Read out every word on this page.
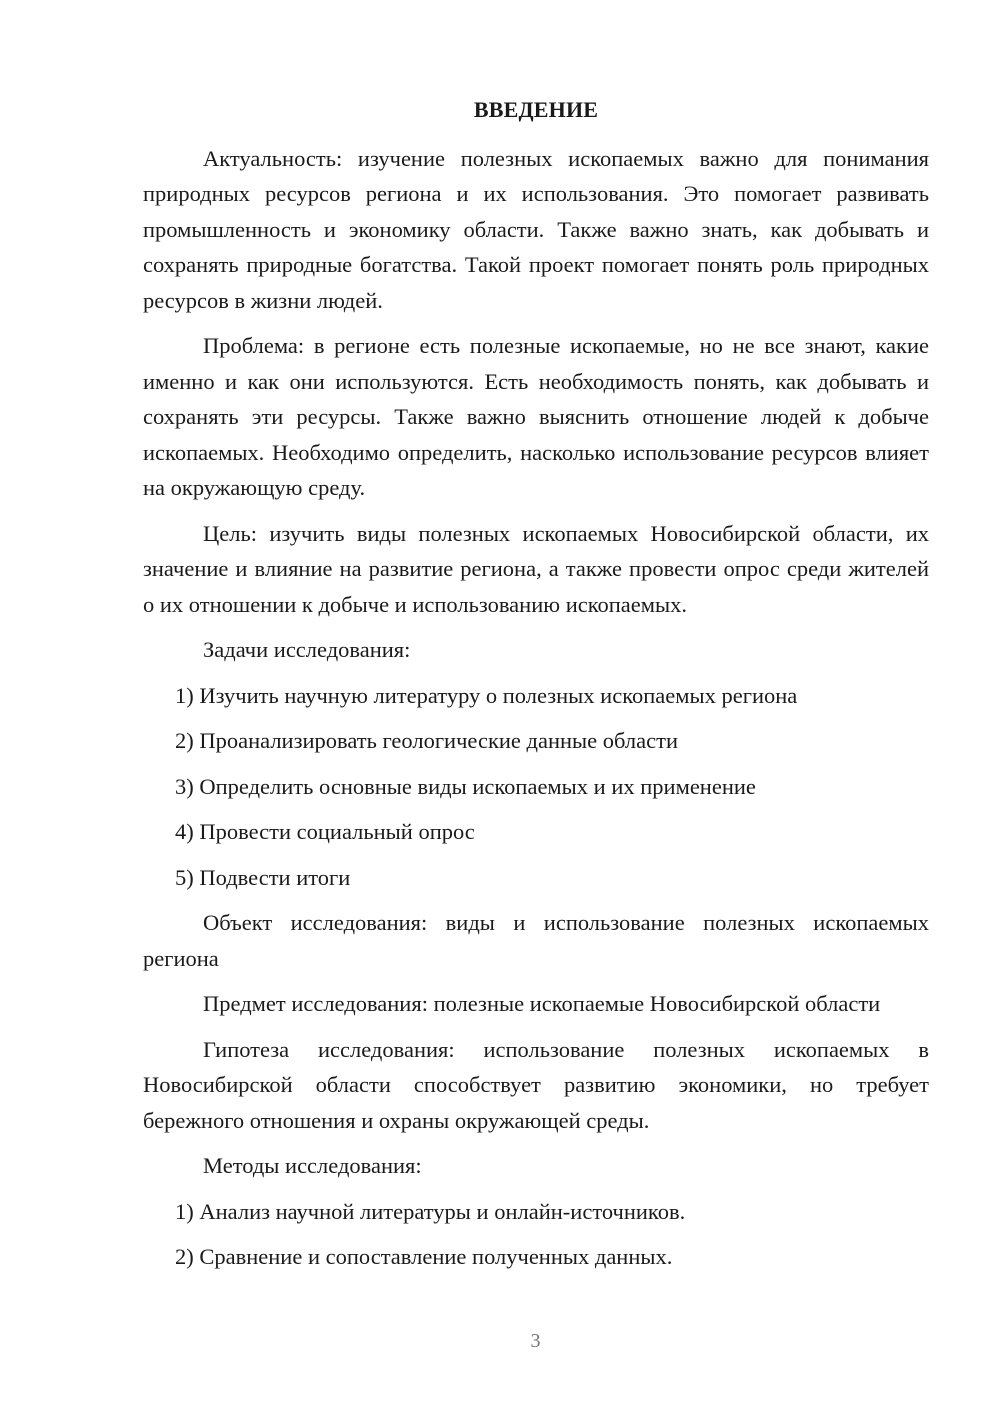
ВВЕДЕНИЕ

Актуальность: изучение полезных ископаемых важно для понимания природных ресурсов региона и их использования. Это помогает развивать промышленность и экономику области. Также важно знать, как добывать и сохранять природные богатства. Такой проект помогает понять роль природных ресурсов в жизни людей.

Проблема: в регионе есть полезные ископаемые, но не все знают, какие именно и как они используются. Есть необходимость понять, как добывать и сохранять эти ресурсы. Также важно выяснить отношение людей к добыче ископаемых. Необходимо определить, насколько использование ресурсов влияет на окружающую среду.

Цель: изучить виды полезных ископаемых Новосибирской области, их значение и влияние на развитие региона, а также провести опрос среди жителей о их отношении к добыче и использованию ископаемых.

Задачи исследования:
1) Изучить научную литературу о полезных ископаемых региона
2) Проанализировать геологические данные области
3) Определить основные виды ископаемых и их применение
4) Провести социальный опрос
5) Подвести итоги

Объект исследования: виды и использование полезных ископаемых региона

Предмет исследования: полезные ископаемые Новосибирской области

Гипотеза исследования: использование полезных ископаемых в Новосибирской области способствует развитию экономики, но требует бережного отношения и охраны окружающей среды.

Методы исследования:
1) Анализ научной литературы и онлайн-источников.
2) Сравнение и сопоставление полученных данных.
3
